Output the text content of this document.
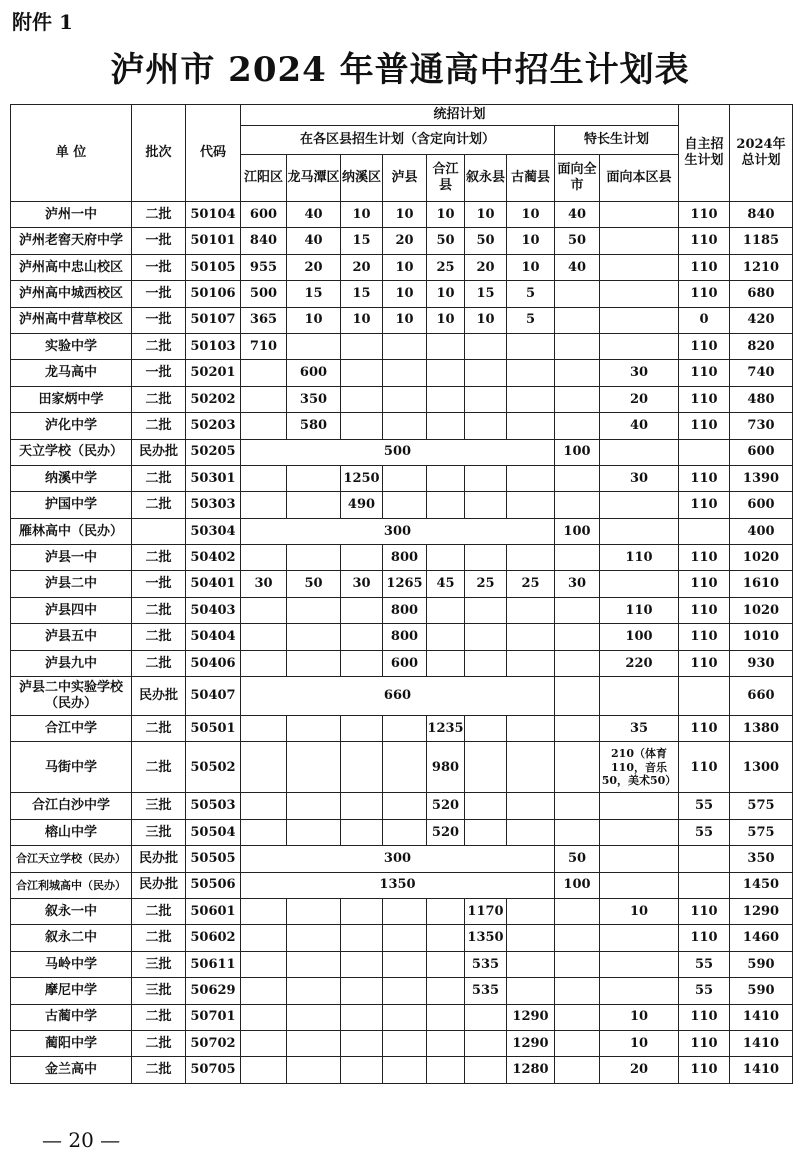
附件 1
泸州市 2024 年普通高中招生计划表
单 位	批次	代码	统招计划									自主招生计划	2024年总计划
			在各区县招生计划（含定向计划）							特长生计划			
			江阳区	龙马潭区	纳溪区	泸县	合江县	叙永县	古蔺县	面向全市	面向本区县		
泸州一中	二批	50104	600	40	10	10	10	10	10	40		110	840
泸州老窖天府中学	一批	50101	840	40	15	20	50	50	10	50		110	1185
泸州高中忠山校区	一批	50105	955	20	20	10	25	20	10	40		110	1210
泸州高中城西校区	一批	50106	500	15	15	10	10	15	5			110	680
泸州高中营草校区	一批	50107	365	10	10	10	10	10	5			0	420
实验中学	二批	50103	710									110	820
龙马高中	一批	50201		600							30	110	740
田家炳中学	二批	50202		350							20	110	480
泸化中学	二批	50203		580							40	110	730
天立学校（民办）	民办批	50205	500							100			600
纳溪中学	二批	50301			1250						30	110	1390
护国中学	二批	50303			490							110	600
雁林高中（民办）		50304	300							100			400
泸县一中	二批	50402				800					110	110	1020
泸县二中	一批	50401	30	50	30	1265	45	25	25	30		110	1610
泸县四中	二批	50403				800					110	110	1020
泸县五中	二批	50404				800					100	110	1010
泸县九中	二批	50406				600					220	110	930
泸县二中实验学校（民办）	民办批	50407	660										660
合江中学	二批	50501					1235				35	110	1380
马街中学	二批	50502					980				210（体育110，音乐50，美术50）	110	1300
合江白沙中学	三批	50503					520					55	575
榕山中学	三批	50504					520					55	575
合江天立学校（民办）	民办批	50505	300							50			350
合江利城高中（民办）	民办批	50506	1350							100			1450
叙永一中	二批	50601						1170			10	110	1290
叙永二中	二批	50602						1350				110	1460
马岭中学	三批	50611						535				55	590
摩尼中学	三批	50629						535				55	590
古蔺中学	二批	50701							1290		10	110	1410
蔺阳中学	二批	50702							1290		10	110	1410
金兰高中	二批	50705							1280		20	110	1410
— 20 —
